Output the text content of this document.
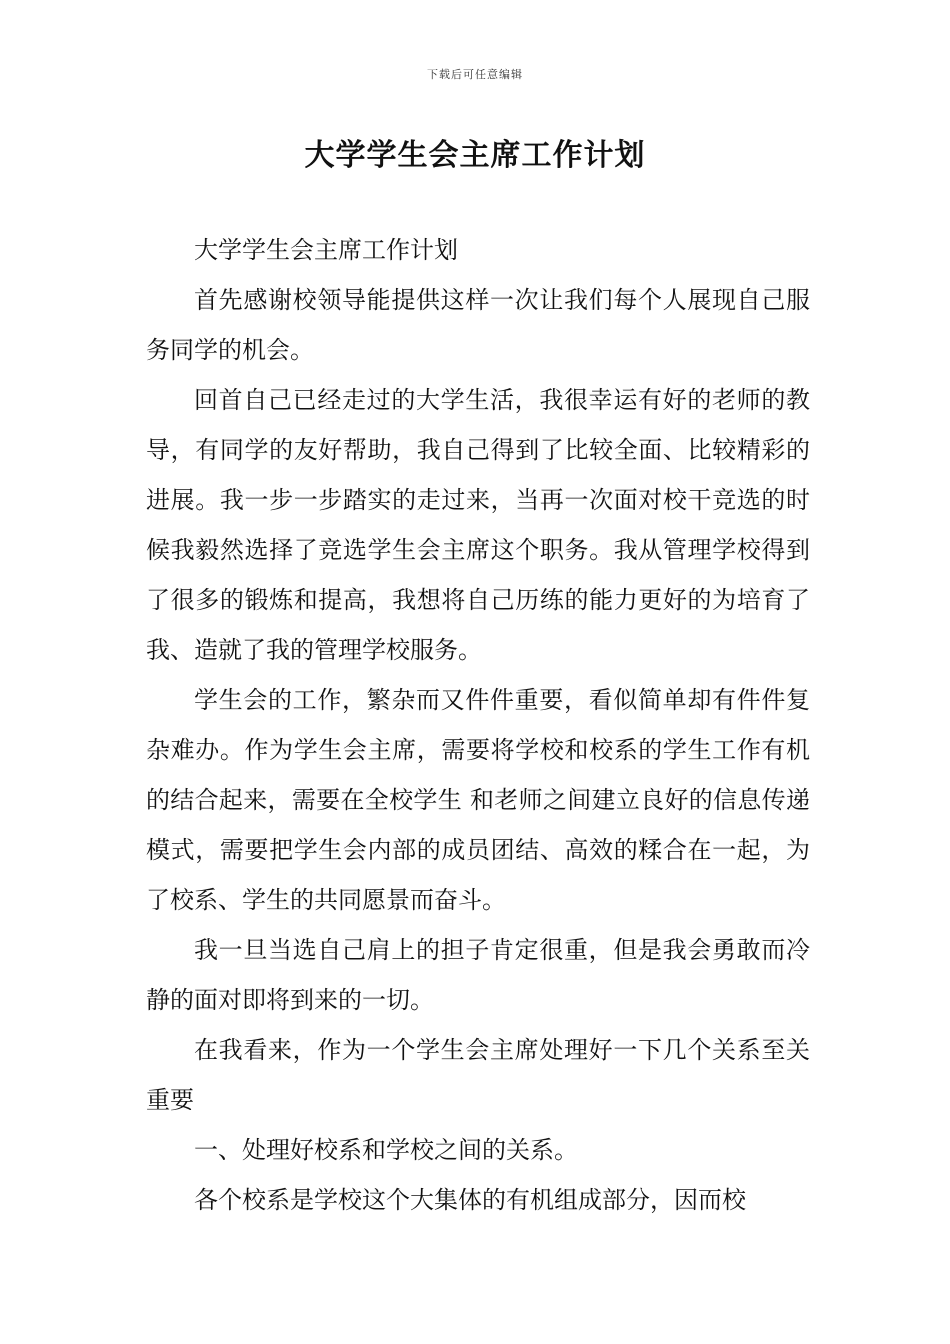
下载后可任意编辑
大学学生会主席工作计划

大学学生会主席工作计划

首先感谢校领导能提供这样一次让我们每个人展现自己服务同学的机会。

回首自己已经走过的大学生活，我很幸运有好的老师的教导，有同学的友好帮助，我自己得到了比较全面、比较精彩的进展。我一步一步踏实的走过来，当再一次面对校干竞选的时候我毅然选择了竞选学生会主席这个职务。我从管理学校得到了很多的锻炼和提高，我想将自己历练的能力更好的为培育了我、造就了我的管理学校服务。

学生会的工作，繁杂而又件件重要，看似简单却有件件复杂难办。作为学生会主席，需要将学校和校系的学生工作有机的结合起来，需要在全校学生 和老师之间建立良好的信息传递模式，需要把学生会内部的成员团结、高效的糅合在一起，为了校系、学生的共同愿景而奋斗。

我一旦当选自己肩上的担子肯定很重，但是我会勇敢而冷静的面对即将到来的一切。

在我看来，作为一个学生会主席处理好一下几个关系至关重要

一、处理好校系和学校之间的关系。

各个校系是学校这个大集体的有机组成部分，因而校
